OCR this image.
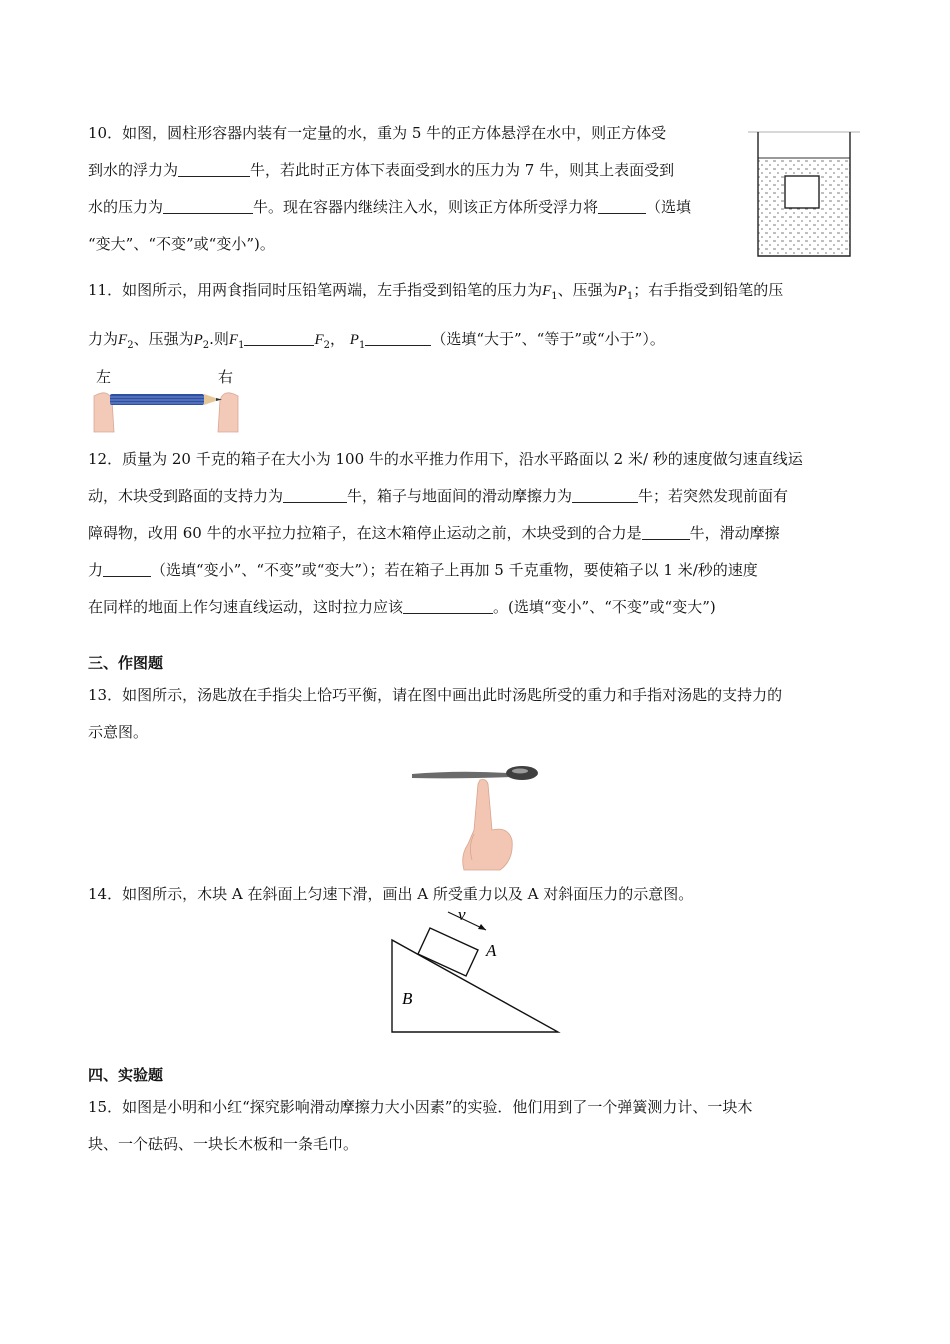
10．如图，圆柱形容器内装有一定量的水，重为 5 牛的正方体悬浮在水中，则正方体受
到水的浮力为	牛，若此时正方体下表面受到水的压力为 7 牛，则其上表面受到
水的压力为	牛。现在容器内继续注入水，则该正方体所受浮力将	（选填
“变大”、“不变”或“变小”)。
11．如图所示，用两食指同时压铅笔两端，左手指受到铅笔的压力为$F_1$、压强为$P_1$；右手指受到铅笔的压
力为$F_2$、压强为$P_2$.则$F_1$	$F_2$， $P_1$	（选填“大于”、“等于”或“小于”）。
左	右
12．质量为 20 千克的箱子在大小为 100 牛的水平推力作用下，沿水平路面以 2 米/ 秒的速度做匀速直线运
动，木块受到路面的支持力为	牛，箱子与地面间的滑动摩擦力为	牛；若突然发现前面有
障碍物，改用 60 牛的水平拉力拉箱子，在这木箱停止运动之前，木块受到的合力是	牛，滑动摩擦
力	（选填“变小”、“不变”或“变大”）；若在箱子上再加 5 千克重物，要使箱子以 1 米/秒的速度
在同样的地面上作匀速直线运动，这时拉力应该	。(选填“变小”、“不变”或“变大”)
三、作图题
13．如图所示，汤匙放在手指尖上恰巧平衡，请在图中画出此时汤匙所受的重力和手指对汤匙的支持力的
示意图。
14．如图所示，木块 A 在斜面上匀速下滑，画出 A 所受重力以及 A 对斜面压力的示意图。
v
A
B
四、实验题
15．如图是小明和小红“探究影响滑动摩擦力大小因素”的实验．他们用到了一个弹簧测力计、一块木
块、一个砝码、一块长木板和一条毛巾。
